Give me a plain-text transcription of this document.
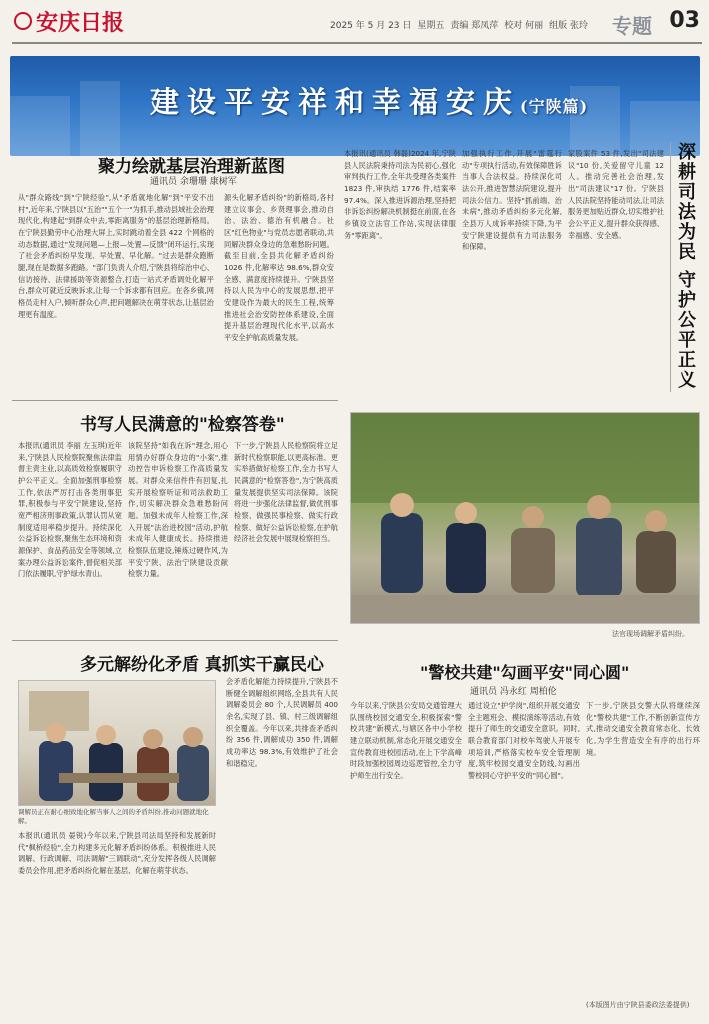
安庆日报	2025 年 5 月 23 日 星期五 责编 郑凤萍 校对 何丽 组版 张玲	专题 03
建设平安祥和幸福安庆(宁陕篇)
聚力绘就基层治理新蓝图
通讯员 余珊珊 康树军
从"群众路线"到"宁陕经验",从"矛盾就地化解"到"平安不出村",近年来,宁陕县以"五治""五个一"为抓手,推动县域社会治理现代化,构建起"到群众中去,零距离服务"的基层治理新格局。在宁陕县勤劳中心治理大屏上,实时跳动着全县 422 个网格的动态数据,通过"发现问题—上报—处置—反馈"闭环运行,实现了社会矛盾纠纷早发现、早处置、早化解。"过去是群众跑断腿,现在是数据多跑路。"部门负责人介绍,宁陕县将综治中心、信访接待、法律援助等资源整合,打造一站式矛盾调处化解平台,群众可就近反映诉求,让每一个诉求都有回应。在各乡镇,网格员走村入户,倾听群众心声,把问题解决在萌芽状态,让基层治理更有温度。
源头化解矛盾纠纷"的新格局,各村建立议事会、乡贤理事会,推动自治、法治、德治有机融合。社区"红色物业"与党员志愿者联动,共同解决群众身边的急难愁盼问题。截至目前,全县共化解矛盾纠纷 1026 件,化解率达 98.6%,群众安全感、满意度持续提升。宁陕县坚持以人民为中心的发展思想,把平安建设作为最大的民生工程,统筹推进社会治安防控体系建设,全面提升基层治理现代化水平,以高水平安全护航高质量发展。
本报讯(通讯员 韩磊)2024 年,宁陕县人民法院秉持司法为民初心,强化审判执行工作,全年共受理各类案件 1823 件,审执结 1776 件,结案率 97.4%。深入推进诉源治理,坚持把非诉讼纠纷解决机制挺在前面,在各乡镇设立法官工作站,实现法律服务"零距离"。
加强执行工作,开展"雷霆行动"专项执行活动,有效保障胜诉当事人合法权益。持续深化司法公开,推进智慧法院建设,提升司法公信力。坚持"抓前端、治未病",推动矛盾纠纷多元化解,全县万人成诉率持续下降,为平安宁陕建设提供有力司法服务和保障。
家股案件 53 件,发出"司法建议"10 份,关爱留守儿童 12 人。推动完善社会治理,发出"司法建议"17 份。宁陕县人民法院坚持能动司法,让司法服务更加贴近群众,切实维护社会公平正义,提升群众获得感、幸福感、安全感。	深耕司法为民 守护公平正义
书写人民满意的"检察答卷"
本报讯(通讯员 李丽 左玉琪)近年来,宁陕县人民检察院聚焦法律监督主责主业,以高质效检察履职守护公平正义。全面加强刑事检察工作,依法严厉打击各类刑事犯罪,积极参与平安宁陕建设,坚持宽严相济刑事政策,认罪认罚从宽制度适用率稳步提升。持续深化公益诉讼检察,聚焦生态环境和资源保护、食品药品安全等领域,立案办理公益诉讼案件,督促相关部门依法履职,守护绿水青山。
该院坚持"如我在诉"理念,用心用情办好群众身边的"小案",推动控告申诉检察工作高质量发展。对群众来信件件有回复,扎实开展检察听证和司法救助工作,切实解决群众急难愁盼问题。加强未成年人检察工作,深入开展"法治进校园"活动,护航未成年人健康成长。持续推进检察队伍建设,锤炼过硬作风,为平安宁陕、法治宁陕建设贡献检察力量。
下一步,宁陕县人民检察院将立足新时代检察职能,以更高标准、更实举措做好检察工作,全力书写人民满意的"检察答卷",为宁陕高质量发展提供坚实司法保障。该院将进一步强化法律监督,做优刑事检察、做强民事检察、做实行政检察、做好公益诉讼检察,在护航经济社会发展中展现检察担当。
法官现场调解矛盾纠纷。
多元解纷化矛盾 真抓实干赢民心
调解员正在耐心细致地化解当事人之间的矛盾纠纷,推动问题就地化解。
本报讯(通讯员 晏锐)今年以来,宁陕县司法局坚持和发展新时代"枫桥经验",全力构建多元化解矛盾纠纷体系。积极推进人民调解、行政调解、司法调解"三调联动",充分发挥各级人民调解委员会作用,把矛盾纠纷化解在基层、化解在萌芽状态。
会矛盾化解能力持续提升,宁陕县不断健全调解组织网络,全县共有人民调解委员会 80 个,人民调解员 400 余名,实现了县、镇、村三级调解组织全覆盖。今年以来,共排查矛盾纠纷 356 件,调解成功 350 件,调解成功率达 98.3%,有效维护了社会和谐稳定。
"警校共建"勾画平安"同心圆"
通讯员 冯永红 周柏伦
今年以来,宁陕县公安局交通管理大队围绕校园交通安全,积极探索"警校共建"新模式,与辖区各中小学校建立联动机制,常态化开展交通安全宣传教育进校园活动,在上下学高峰时段加强校园周边巡逻管控,全力守护师生出行安全。
通过设立"护学岗",组织开展交通安全主题班会、模拟演练等活动,有效提升了师生的交通安全意识。同时,联合教育部门对校车驾驶人开展专项培训,严格落实校车安全管理制度,筑牢校园交通安全防线,勾画出警校同心守护平安的"同心圆"。
下一步,宁陕县交警大队将继续深化"警校共建"工作,不断创新宣传方式,推动交通安全教育常态化、长效化,为学生营造安全有序的出行环境。
(本版图片由宁陕县委政法委提供)
